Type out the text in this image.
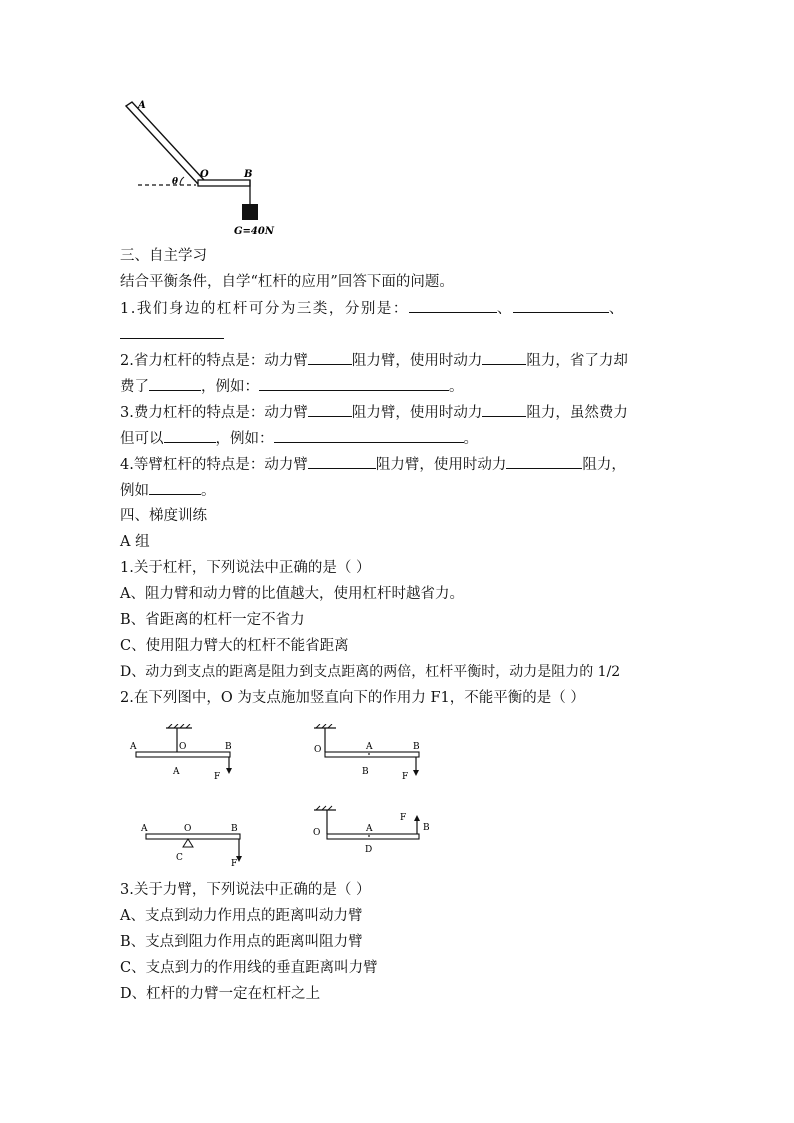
A
O	B
θ
G=40N
三、自主学习
结合平衡条件，自学“杠杆的应用”回答下面的问题。
1.我们身边的杠杆可分为三类，分别是：	、	、
2.省力杠杆的特点是：动力臂	阻力臂，使用时动力	阻力，省了力却
费了	，例如：	。
3.费力杠杆的特点是：动力臂	阻力臂，使用时动力	阻力，虽然费力
但可以	，例如：	。
4.等臂杠杆的特点是：动力臂	阻力臂，使用时动力	阻力，
例如	。
四、梯度训练
A 组
1.关于杠杆，下列说法中正确的是（ ）
A、阻力臂和动力臂的比值越大，使用杠杆时越省力。
B、省距离的杠杆一定不省力
C、使用阻力臂大的杠杆不能省距离
D、动力到支点的距离是阻力到支点距离的两倍，杠杆平衡时，动力是阻力的 1/2
2.在下列图中，O 为支点施加竖直向下的作用力 F1，不能平衡的是（ ）
A	O	B
A	F
O	A	B
B	F
A	O	B
C
F
O	A	B
D
F
3.关于力臂，下列说法中正确的是（ ）
A、支点到动力作用点的距离叫动力臂
B、支点到阻力作用点的距离叫阻力臂
C、支点到力的作用线的垂直距离叫力臂
D、杠杆的力臂一定在杠杆之上
